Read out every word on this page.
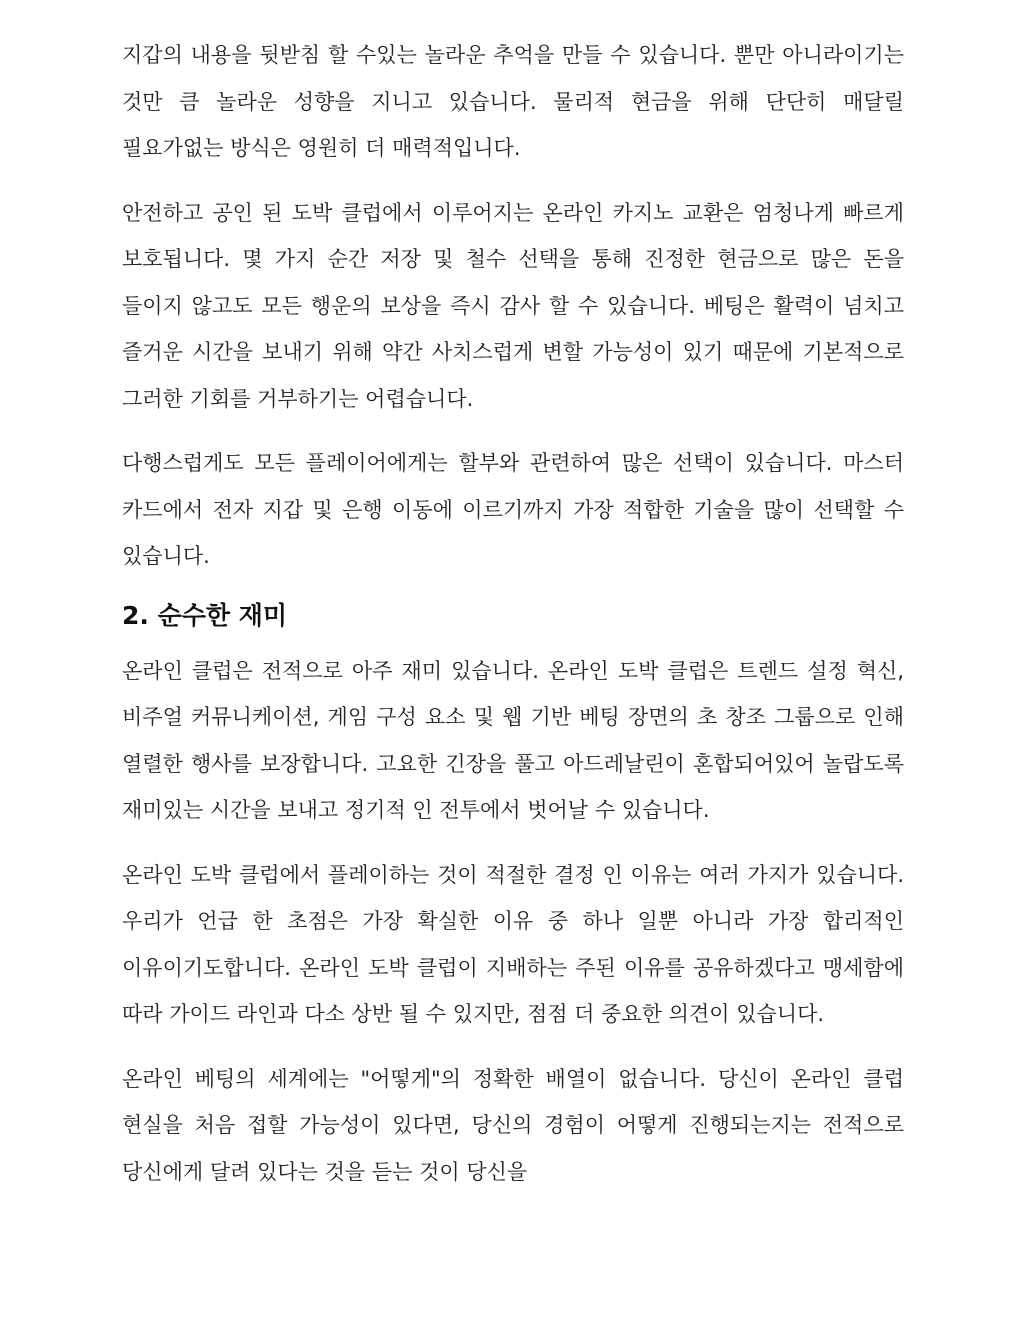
지갑의 내용을 뒷받침 할 수있는 놀라운 추억을 만들 수 있습니다. 뿐만 아니라이기는 것만 큼 놀라운 성향을 지니고 있습니다. 물리적 현금을 위해 단단히 매달릴 필요가없는 방식은 영원히 더 매력적입니다.

안전하고 공인 된 도박 클럽에서 이루어지는 온라인 카지노 교환은 엄청나게 빠르게 보호됩니다. 몇 가지 순간 저장 및 철수 선택을 통해 진정한 현금으로 많은 돈을 들이지 않고도 모든 행운의 보상을 즉시 감사 할 수 있습니다. 베팅은 활력이 넘치고 즐거운 시간을 보내기 위해 약간 사치스럽게 변할 가능성이 있기 때문에 기본적으로 그러한 기회를 거부하기는 어렵습니다.

다행스럽게도 모든 플레이어에게는 할부와 관련하여 많은 선택이 있습니다. 마스터 카드에서 전자 지갑 및 은행 이동에 이르기까지 가장 적합한 기술을 많이 선택할 수 있습니다.

2. 순수한 재미

온라인 클럽은 전적으로 아주 재미 있습니다. 온라인 도박 클럽은 트렌드 설정 혁신, 비주얼 커뮤니케이션, 게임 구성 요소 및 웹 기반 베팅 장면의 초 창조 그룹으로 인해 열렬한 행사를 보장합니다. 고요한 긴장을 풀고 아드레날린이 혼합되어있어 놀랍도록 재미있는 시간을 보내고 정기적 인 전투에서 벗어날 수 있습니다.

온라인 도박 클럽에서 플레이하는 것이 적절한 결정 인 이유는 여러 가지가 있습니다. 우리가 언급 한 초점은 가장 확실한 이유 중 하나 일뿐 아니라 가장 합리적인 이유이기도합니다. 온라인 도박 클럽이 지배하는 주된 이유를 공유하겠다고 맹세함에 따라 가이드 라인과 다소 상반 될 수 있지만, 점점 더 중요한 의견이 있습니다.

온라인 베팅의 세계에는 "어떻게"의 정확한 배열이 없습니다. 당신이 온라인 클럽 현실을 처음 접할 가능성이 있다면, 당신의 경험이 어떻게 진행되는지는 전적으로 당신에게 달려 있다는 것을 듣는 것이 당신을
